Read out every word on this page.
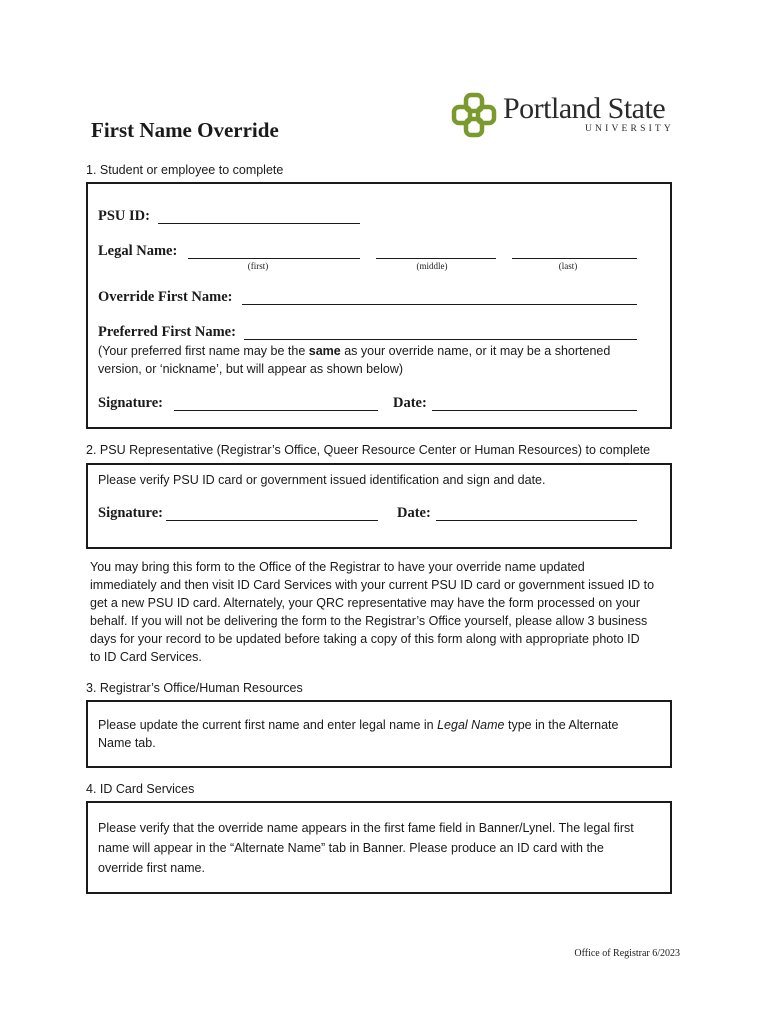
First Name Override
Portland State
UNIVERSITY
1. Student or employee to complete
PSU ID:
Legal Name:
(first)	(middle)	(last)
Override First Name:
Preferred First Name:
(Your preferred first name may be the same as your override name, or it may be a shortened
version, or ‘nickname’, but will appear as shown below)
Signature:	Date:
2. PSU Representative (Registrar’s Office, Queer Resource Center or Human Resources) to complete
Please verify PSU ID card or government issued identification and sign and date.
Signature:	Date:
You may bring this form to the Office of the Registrar to have your override name updated
immediately and then visit ID Card Services with your current PSU ID card or government issued ID to
get a new PSU ID card. Alternately, your QRC representative may have the form processed on your
behalf. If you will not be delivering the form to the Registrar’s Office yourself, please allow 3 business
days for your record to be updated before taking a copy of this form along with appropriate photo ID
to ID Card Services.
3. Registrar’s Office/Human Resources
Please update the current first name and enter legal name in Legal Name type in the Alternate
Name tab.
4. ID Card Services
Please verify that the override name appears in the first fame field in Banner/Lynel. The legal first
name will appear in the “Alternate Name” tab in Banner. Please produce an ID card with the
override first name.
Office of Registrar 6/2023
